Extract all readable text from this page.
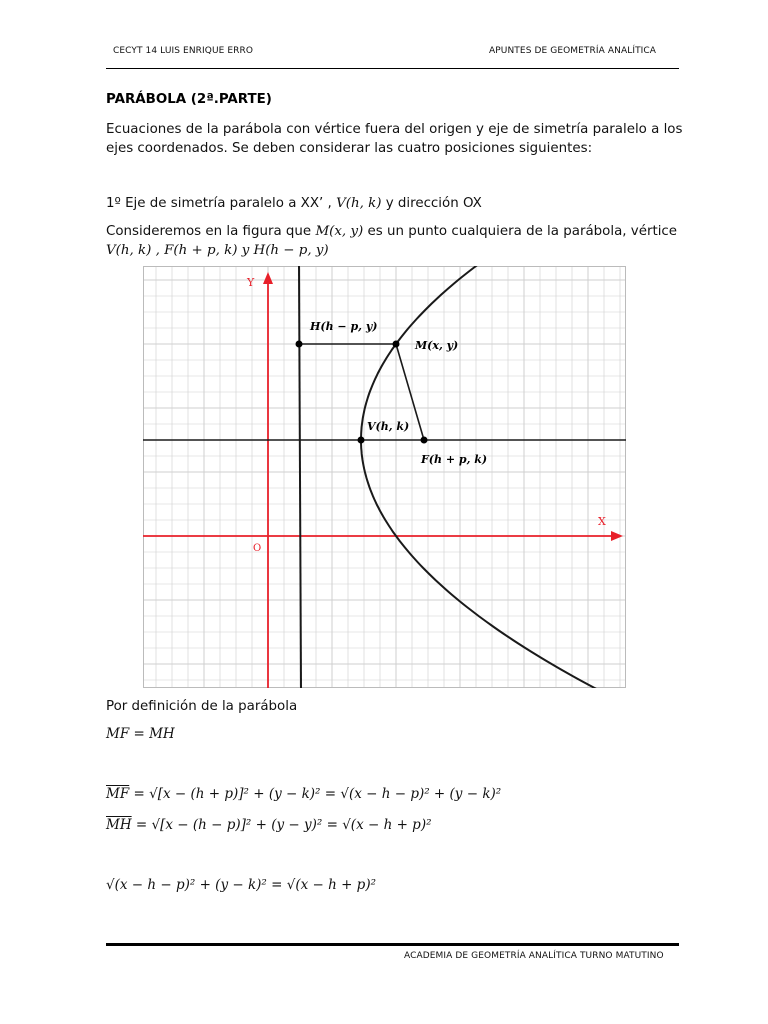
CECYT 14 LUIS ENRIQUE ERRO	APUNTES DE GEOMETRÍA ANALÍTICA
PARÁBOLA (2ª.PARTE)
Ecuaciones de la parábola con vértice fuera del origen y eje de simetría paralelo a los
ejes coordenados. Se deben considerar las cuatro posiciones siguientes:
1º Eje de simetría paralelo a XX’ , V(h, k) y dirección OX
Consideremos en la figura que M(x, y) es un punto cualquiera de la parábola, vértice
V(h, k) , F(h + p, k) y H(h − p, y)
Y
X
O
H(h − p, y)
M(x, y)
V(h, k)
F(h + p, k)
Por definición de la parábola
MF = MH
$\overline{MF} = √[x - (h + p)]^2 + (y - k)^2 = √(x - h - p)^2 + (y - k)^2$
$\overline{MH} = √[x - (h - p)]^2 + (y - y)^2 = √(x - h + p)^2$
√(x − h − p)² + (y − k)² = √(x − h + p)²
ACADEMIA DE GEOMETRÍA ANALÍTICA TURNO MATUTINO
